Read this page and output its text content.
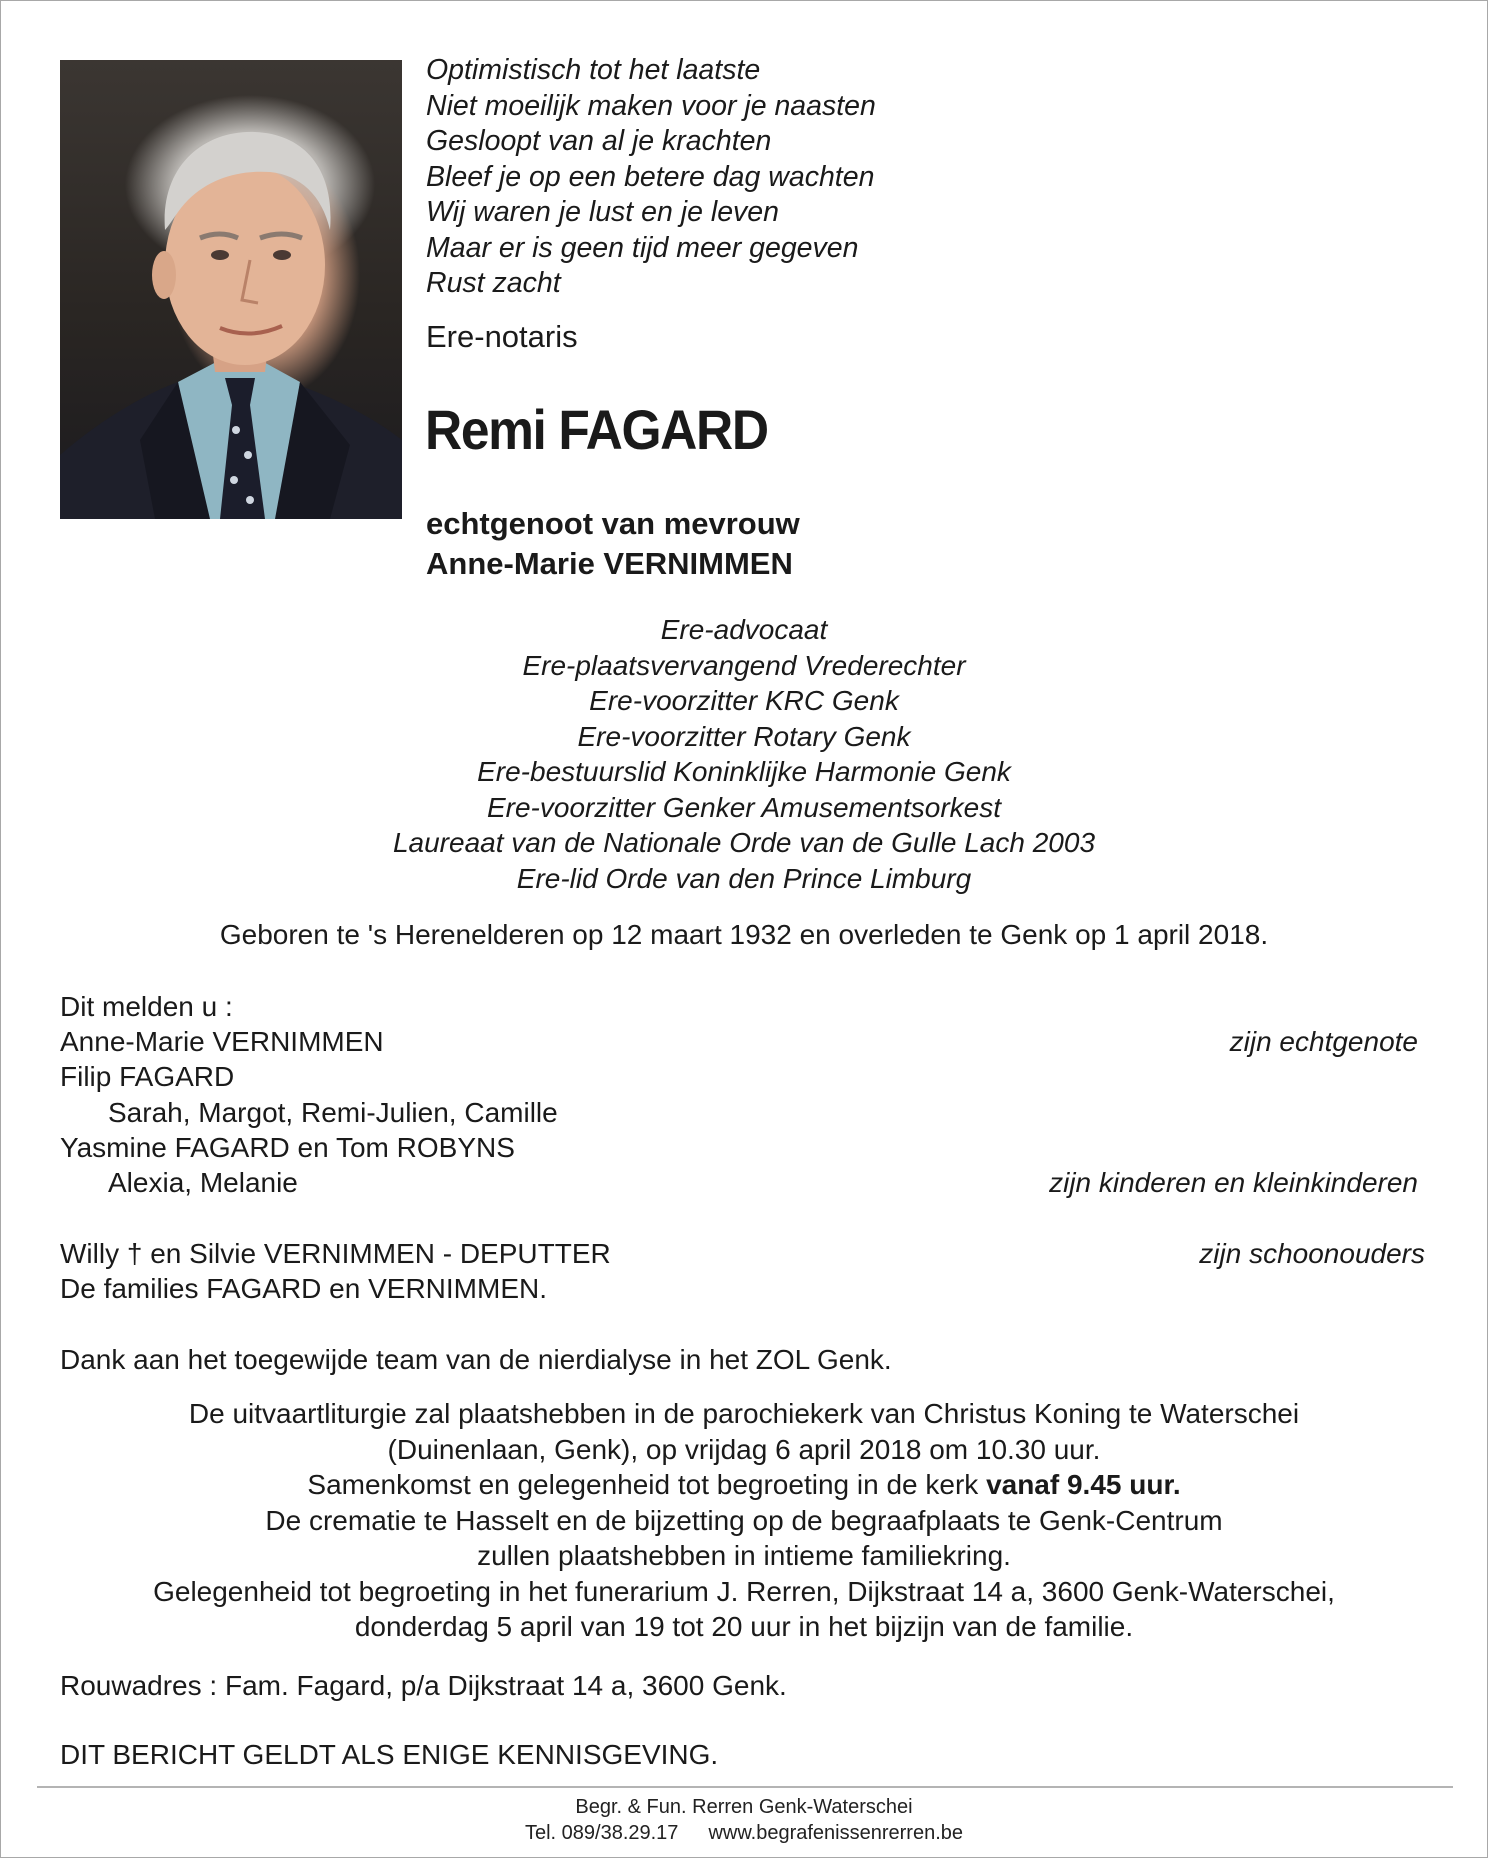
Optimistisch tot het laatste
Niet moeilijk maken voor je naasten
Gesloopt van al je krachten
Bleef je op een betere dag wachten
Wij waren je lust en je leven
Maar er is geen tijd meer gegeven
Rust zacht
Ere-notaris
Remi FAGARD
echtgenoot van mevrouw
Anne-Marie VERNIMMEN
Ere-advocaat
Ere-plaatsvervangend Vrederechter
Ere-voorzitter KRC Genk
Ere-voorzitter Rotary Genk
Ere-bestuurslid Koninklijke Harmonie Genk
Ere-voorzitter Genker Amusementsorkest
Laureaat van de Nationale Orde van de Gulle Lach 2003
Ere-lid Orde van den Prince Limburg
Geboren te 's Herenelderen op 12 maart 1932 en overleden te Genk op 1 april 2018.
Dit melden u :
Anne-Marie VERNIMMEN	zijn echtgenote
Filip FAGARD
Sarah, Margot, Remi-Julien, Camille
Yasmine FAGARD en Tom ROBYNS
Alexia, Melanie	zijn kinderen en kleinkinderen
Willy † en Silvie VERNIMMEN - DEPUTTER	zijn schoonouders
De families FAGARD en VERNIMMEN.
Dank aan het toegewijde team van de nierdialyse in het ZOL Genk.
De uitvaartliturgie zal plaatshebben in de parochiekerk van Christus Koning te Waterschei
(Duinenlaan, Genk), op vrijdag 6 april 2018 om 10.30 uur.
Samenkomst en gelegenheid tot begroeting in de kerk vanaf 9.45 uur.
De crematie te Hasselt en de bijzetting op de begraafplaats te Genk-Centrum
zullen plaatshebben in intieme familiekring.
Gelegenheid tot begroeting in het funerarium J. Rerren, Dijkstraat 14 a, 3600 Genk-Waterschei,
donderdag 5 april van 19 tot 20 uur in het bijzijn van de familie.
Rouwadres : Fam. Fagard, p/a Dijkstraat 14 a, 3600 Genk.
DIT BERICHT GELDT ALS ENIGE KENNISGEVING.
Begr. & Fun. Rerren Genk-Waterschei
Tel. 089/38.29.17 www.begrafenissenrerren.be
